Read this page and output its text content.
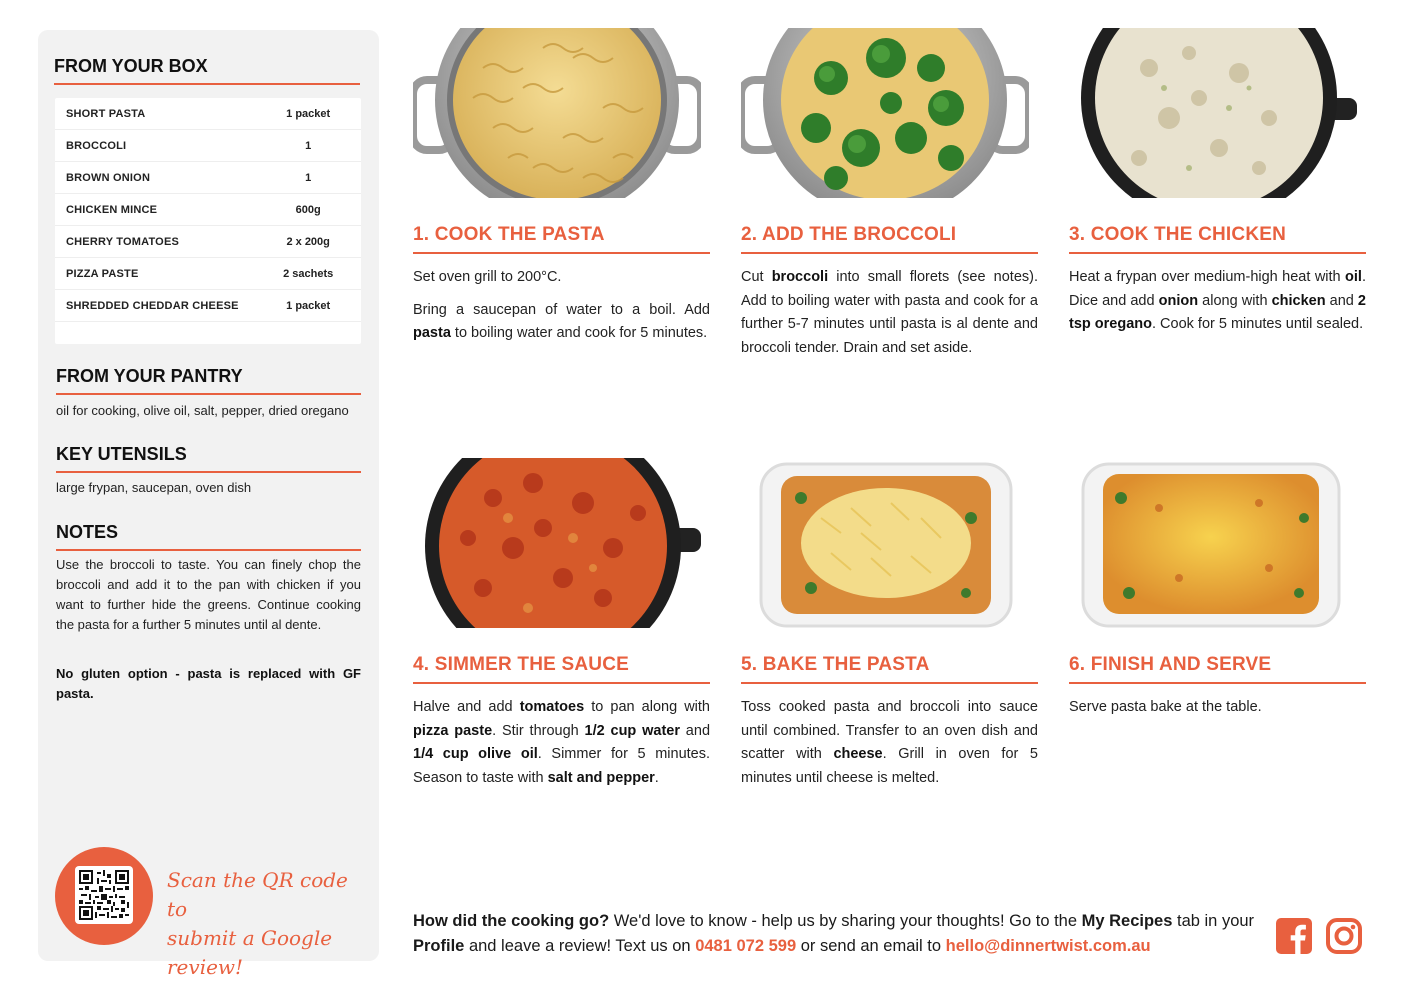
FROM YOUR BOX
SHORT PASTA	1 packet
BROCCOLI	1
BROWN ONION	1
CHICKEN MINCE	600g
CHERRY TOMATOES	2 x 200g
PIZZA PASTE	2 sachets
SHREDDED CHEDDAR CHEESE	1 packet
FROM YOUR PANTRY
oil for cooking, olive oil, salt, pepper, dried oregano
KEY UTENSILS
large frypan, saucepan, oven dish
NOTES
Use the broccoli to taste. You can finely chop the broccoli and add it to the pan with chicken if you want to further hide the greens. Continue cooking the pasta for a further 5 minutes until al dente.
No gluten option - pasta is replaced with GF pasta.
Scan the QR code to
submit a Google review!
1. COOK THE PASTA	2. ADD THE BROCCOLI	3. COOK THE CHICKEN
4. SIMMER THE SAUCE	5. BAKE THE PASTA	6. FINISH AND SERVE

Set oven grill to 200°C.

Bring a saucepan of water to a boil. Add pasta to boiling water and cook for 5 minutes.

Cut broccoli into small florets (see notes). Add to boiling water with pasta and cook for a further 5-7 minutes until pasta is al dente and broccoli tender. Drain and set aside.

Heat a frypan over medium-high heat with oil. Dice and add onion along with chicken and 2 tsp oregano. Cook for 5 minutes until sealed.

Halve and add tomatoes to pan along with pizza paste. Stir through 1/2 cup water and 1/4 cup olive oil. Simmer for 5 minutes. Season to taste with salt and pepper.

Toss cooked pasta and broccoli into sauce until combined. Transfer to an oven dish and scatter with cheese. Grill in oven for 5 minutes until cheese is melted.

Serve pasta bake at the table.

How did the cooking go? We'd love to know - help us by sharing your thoughts! Go to the My Recipes tab in your Profile and leave a review! Text us on 0481 072 599 or send an email to hello@dinnertwist.com.au
